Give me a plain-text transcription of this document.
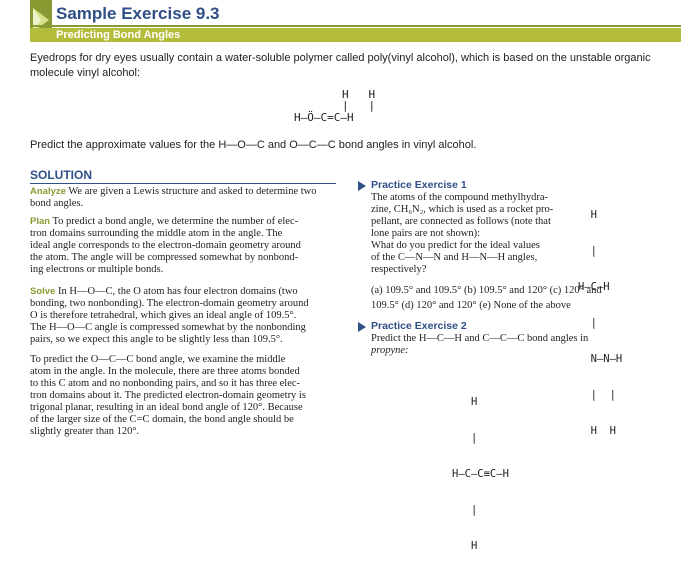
Sample Exercise 9.3
Predicting Bond Angles
Eyedrops for dry eyes usually contain a water-soluble polymer called poly(vinyl alcohol), which is based on the unstable organic
molecule vinyl alcohol:
H   H
|   |
H—Ö—C=C—H
Predict the approximate values for the H—O—C and O—C—C bond angles in vinyl alcohol.
SOLUTION
Analyze We are given a Lewis structure and asked to determine two
bond angles.
Plan To predict a bond angle, we determine the number of elec-
tron domains surrounding the middle atom in the angle. The
ideal angle corresponds to the electron-domain geometry around
the atom. The angle will be compressed somewhat by nonbond-
ing electrons or multiple bonds.
Solve In H—O—C, the O atom has four electron domains (two
bonding, two nonbonding). The electron-domain geometry around
O is therefore tetrahedral, which gives an ideal angle of 109.5°.
The H—O—C angle is compressed somewhat by the nonbonding
pairs, so we expect this angle to be slightly less than 109.5°.
To predict the O—C—C bond angle, we examine the middle
atom in the angle. In the molecule, there are three atoms bonded
to this C atom and no nonbonding pairs, and so it has three elec-
tron domains about it. The predicted electron-domain geometry is
trigonal planar, resulting in an ideal bond angle of 120°. Because
of the larger size of the C=C domain, the bond angle should be
slightly greater than 120°.
Practice Exercise 1
The atoms of the compound methylhydra-
zine, CH₆N₂, which is used as a rocket pro-
pellant, are connected as follows (note that
lone pairs are not shown):
What do you predict for the ideal values
of the C—N—N and H—N—H angles,
respectively?

H

|

H—C—H

|

N—N—H

|  |

H  H

(a) 109.5° and 109.5° (b) 109.5° and 120° (c) 120° and
109.5° (d) 120° and 120° (e) None of the above
Practice Exercise 2
Predict the H—C—H and C—C—C bond angles in
propyne:

H

|

H—C—C≡C—H

|

H
